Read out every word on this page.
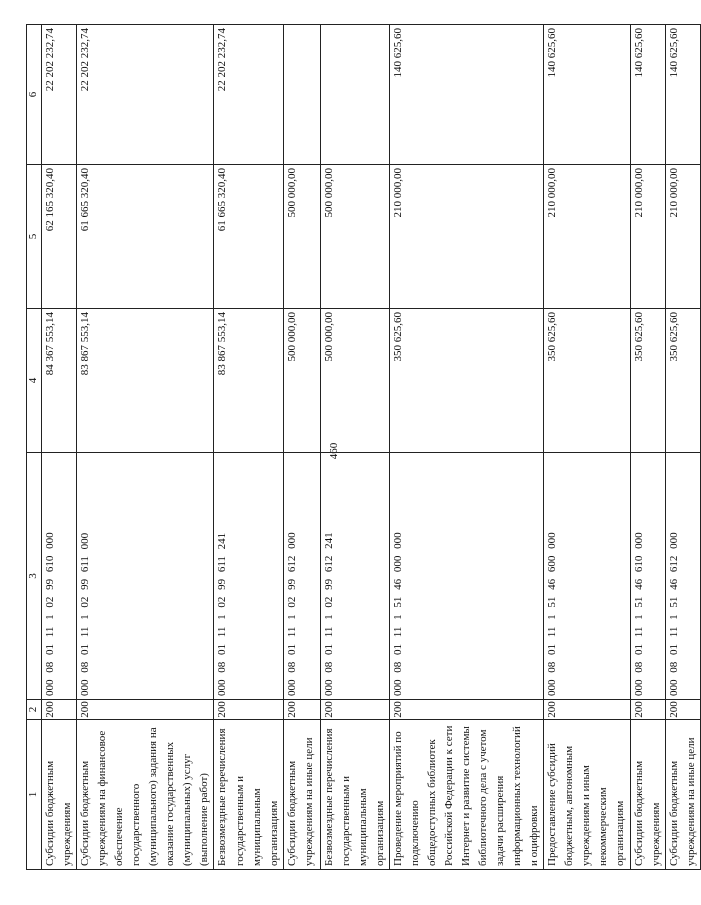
460
1	2	3	4	5	6
Субсидии бюджетным учреждениям	200	000 08 01 11 1 02 99 610 000	84 367 553,14	62 165 320,40	22 202 232,74
Субсидии бюджетным учреждениям на финансовое обеспечение государственного (муниципального) задания на оказание государственных (муниципальных) услуг (выполнение работ)	200	000 08 01 11 1 02 99 611 000	83 867 553,14	61 665 320,40	22 202 232,74
Безвозмездные перечисления государственным и муниципальным организациям	200	000 08 01 11 1 02 99 611 241	83 867 553,14	61 665 320,40	22 202 232,74
Субсидии бюджетным учреждениям на иные цели	200	000 08 01 11 1 02 99 612 000	500 000,00	500 000,00	
Безвозмездные перечисления государственным и муниципальным организациям	200	000 08 01 11 1 02 99 612 241	500 000,00	500 000,00	
Проведение мероприятий по подключению общедоступных библиотек Российской Федерации к сети Интернет и развитие системы библиотечного дела с учетом задачи расширения информационных технологий и оцифровки	200	000 08 01 11 1 51 46 000 000	350 625,60	210 000,00	140 625,60
Предоставление субсидий бюджетным, автономным учреждениям и иным некоммерческим организациям	200	000 08 01 11 1 51 46 600 000	350 625,60	210 000,00	140 625,60
Субсидии бюджетным учреждениям	200	000 08 01 11 1 51 46 610 000	350 625,60	210 000,00	140 625,60
Субсидии бюджетным учреждениям на иные цели	200	000 08 01 11 1 51 46 612 000	350 625,60	210 000,00	140 625,60
